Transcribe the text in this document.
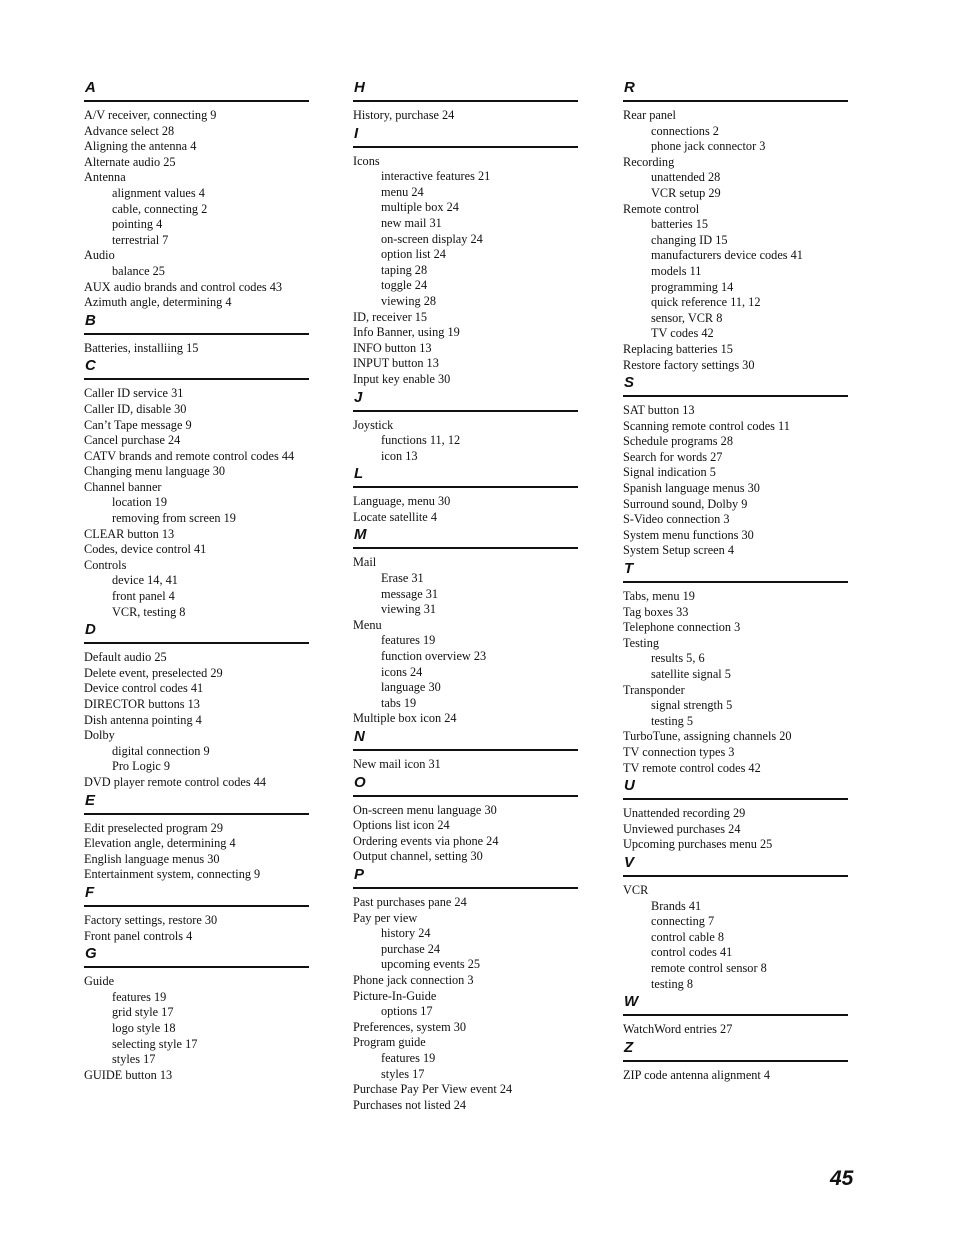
A
A/V receiver, connecting 9
Advance select 28
Aligning the antenna 4
Alternate audio 25
Antenna
alignment values 4
cable, connecting 2
pointing 4
terrestrial 7
Audio
balance 25
AUX audio brands and control codes 43
Azimuth angle, determining 4
B
Batteries, installiing 15
C
Caller ID service 31
Caller ID, disable 30
Can’t Tape message 9
Cancel purchase 24
CATV brands and remote control codes 44
Changing menu language 30
Channel banner
location 19
removing from screen 19
CLEAR button 13
Codes, device control 41
Controls
device 14, 41
front panel 4
VCR, testing 8
D
Default audio 25
Delete event, preselected 29
Device control codes 41
DIRECTOR buttons 13
Dish antenna pointing 4
Dolby
digital connection 9
Pro Logic 9
DVD player remote control codes 44
E
Edit preselected program 29
Elevation angle, determining 4
English language menus 30
Entertainment system, connecting 9
F
Factory settings, restore 30
Front panel controls 4
G
Guide
features 19
grid style 17
logo style 18
selecting style 17
styles 17
GUIDE button 13
H
History, purchase 24
I
Icons
interactive features 21
menu 24
multiple box 24
new mail 31
on-screen display 24
option list 24
taping 28
toggle 24
viewing 28
ID, receiver 15
Info Banner, using 19
INFO button 13
INPUT button 13
Input key enable 30
J
Joystick
functions 11, 12
icon 13
L
Language, menu 30
Locate satellite 4
M
Mail
Erase 31
message 31
viewing 31
Menu
features 19
function overview 23
icons 24
language 30
tabs 19
Multiple box icon 24
N
New mail icon 31
O
On-screen menu language 30
Options list icon 24
Ordering events via phone 24
Output channel, setting 30
P
Past purchases pane 24
Pay per view
history 24
purchase 24
upcoming events 25
Phone jack connection 3
Picture-In-Guide
options 17
Preferences, system 30
Program guide
features 19
styles 17
Purchase Pay Per View event 24
Purchases not listed 24
R
Rear panel
connections 2
phone jack connector 3
Recording
unattended 28
VCR setup 29
Remote control
batteries 15
changing ID 15
manufacturers device codes 41
models 11
programming 14
quick reference 11, 12
sensor, VCR 8
TV codes 42
Replacing batteries 15
Restore factory settings 30
S
SAT button 13
Scanning remote control codes 11
Schedule programs 28
Search for words 27
Signal indication 5
Spanish language menus 30
Surround sound, Dolby 9
S-Video connection 3
System menu functions 30
System Setup screen 4
T
Tabs, menu 19
Tag boxes 33
Telephone connection 3
Testing
results 5, 6
satellite signal 5
Transponder
signal strength 5
testing 5
TurboTune, assigning channels 20
TV connection types 3
TV remote control codes 42
U
Unattended recording 29
Unviewed purchases 24
Upcoming purchases menu 25
V
VCR
Brands 41
connecting 7
control cable 8
control codes 41
remote control sensor 8
testing 8
W
WatchWord entries 27
Z
ZIP code antenna alignment 4
45
